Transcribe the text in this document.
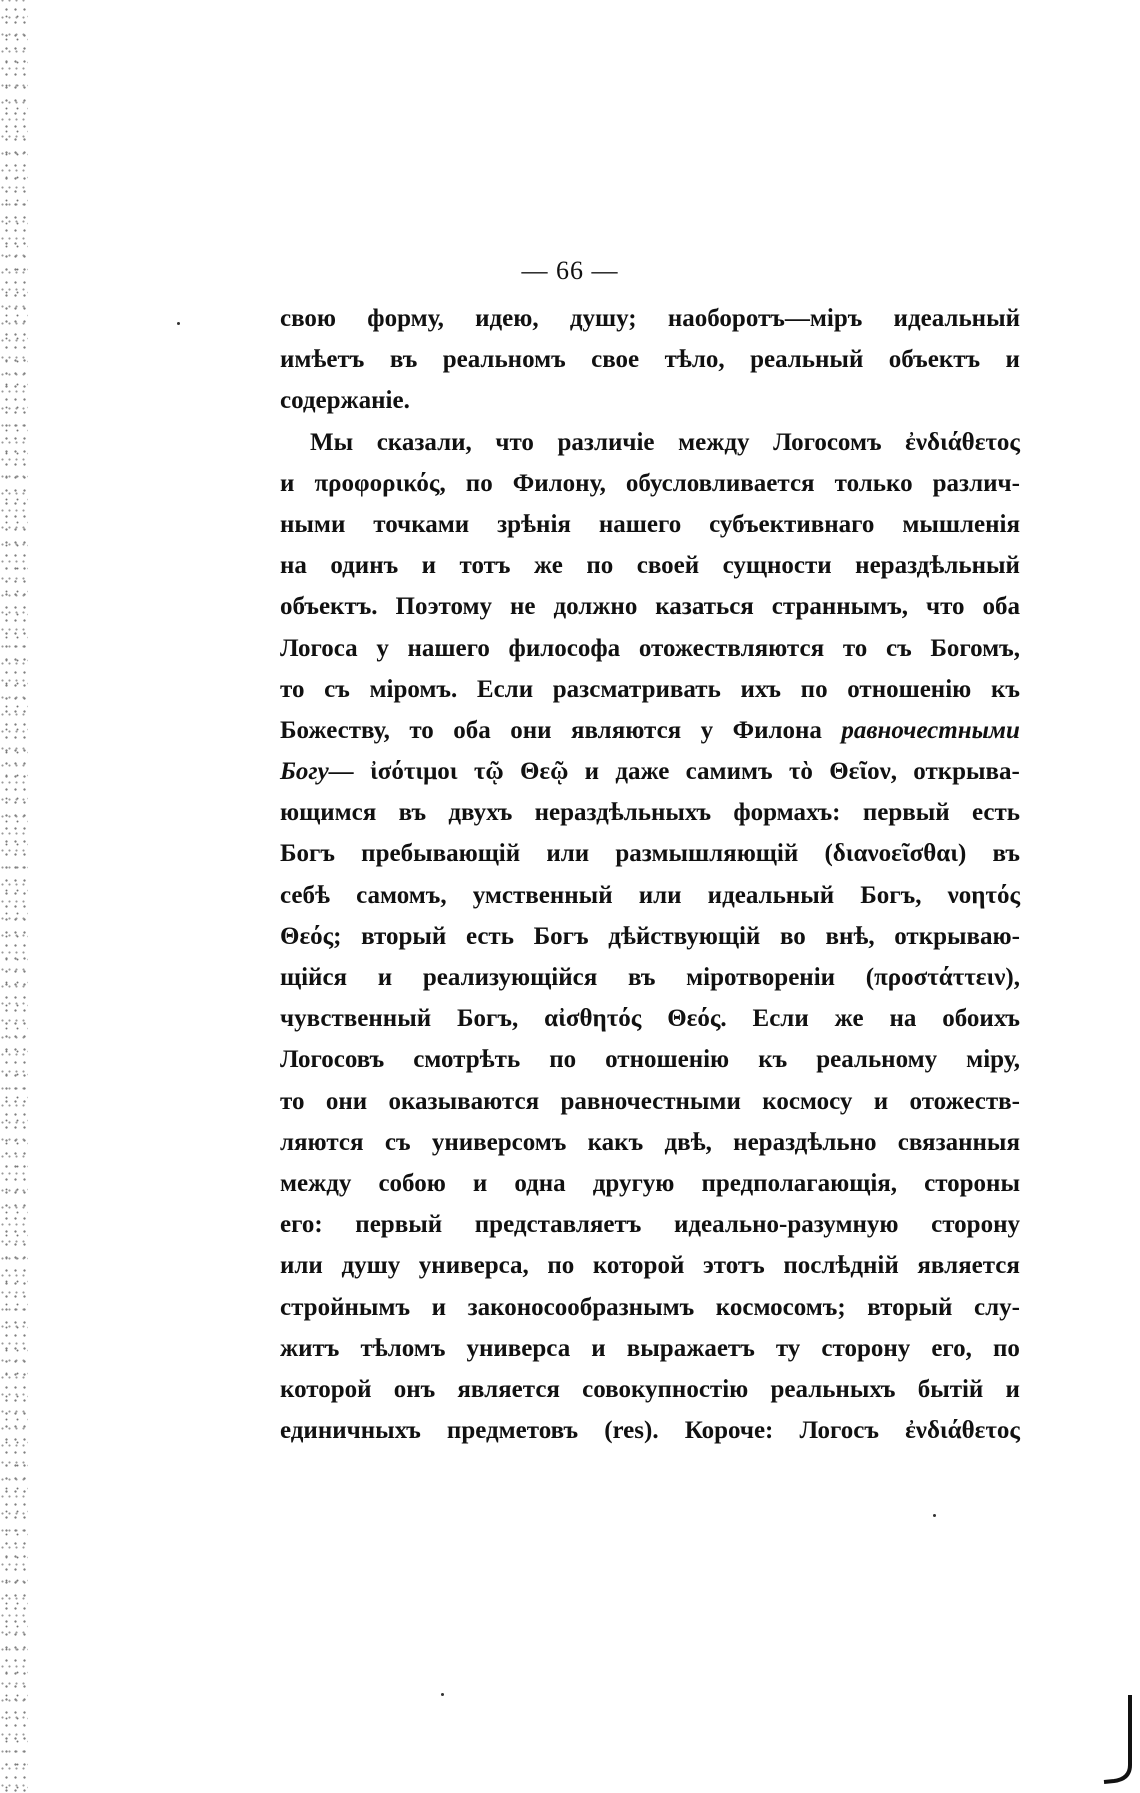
— 66 —
свою форму, идею, душу; наоборотъ—міръ идеальный
имѣетъ въ реальномъ свое тѣло, реальный объектъ и
содержаніе.
Мы сказали, что различіе между Логосомъ ἐνδιάθετος
и προφορικός, по Филону, обусловливается только различ-
ными точками зрѣнія нашего субъективнаго мышленія
на одинъ и тотъ же по своей сущности нераздѣльный
объектъ. Поэтому не должно казаться страннымъ, что оба
Логоса у нашего философа отожествляются то съ Богомъ,
то съ міромъ. Если разсматривать ихъ по отношенію къ
Божеству, то оба они являются у Филона равночестными
Богу— ἰσότιμοι τῷ Θεῷ и даже самимъ τὸ Θεῖον, открыва-
ющимся въ двухъ нераздѣльныхъ формахъ: первый есть
Богъ пребывающій или размышляющій (διανοεῖσθαι) въ
себѣ самомъ, умственный или идеальный Богъ, νοητός
Θεός; вторый есть Богъ дѣйствующій во внѣ, открываю-
щійся и реализующійся въ міротвореніи (προστάττειν),
чувственный Богъ, αἰσθητός Θεός. Если же на обоихъ
Логосовъ смотрѣть по отношенію къ реальному міру,
то они оказываются равночестными космосу и отожеств-
ляются съ универсомъ какъ двѣ, нераздѣльно связанныя
между собою и одна другую предполагающія, стороны
его: первый представляетъ идеально-разумную сторону
или душу универса, по которой этотъ послѣдній является
стройнымъ и законосообразнымъ космосомъ; вторый слу-
житъ тѣломъ универса и выражаетъ ту сторону его, по
которой онъ является совокупностію реальныхъ бытій и
единичныхъ предметовъ (res). Короче: Логосъ ἐνδιάθετος
